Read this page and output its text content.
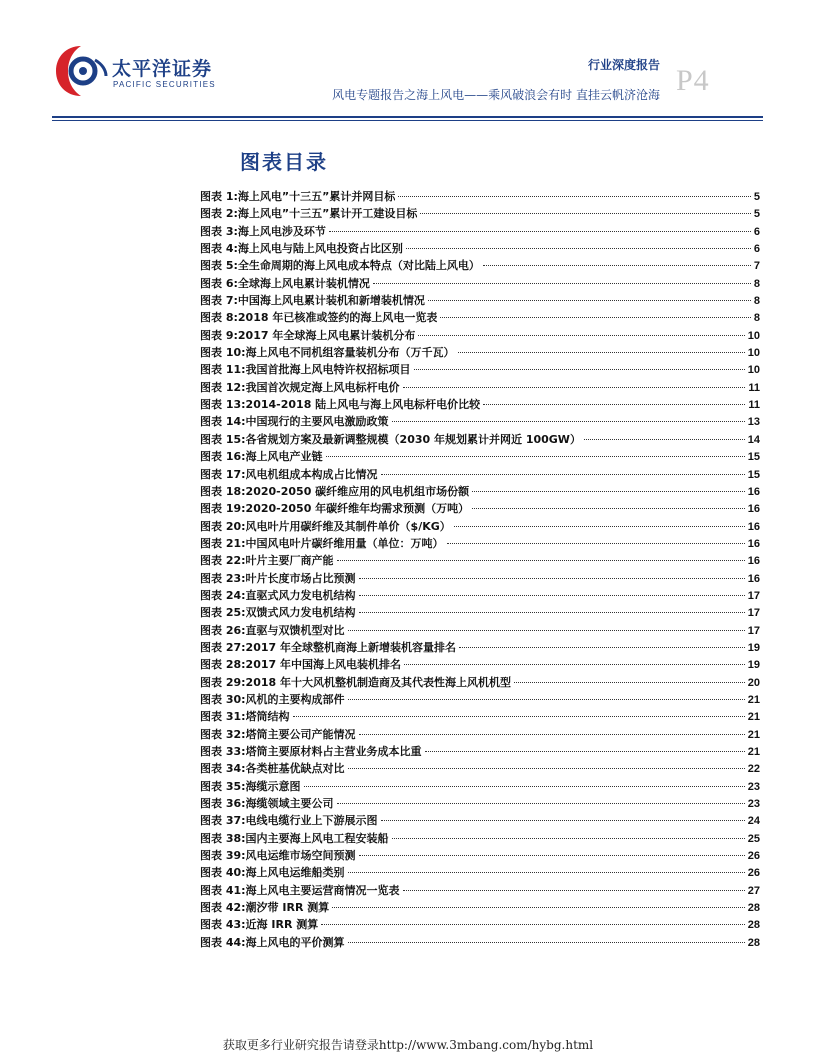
太平洋证券
PACIFIC SECURITIES
行业深度报告 P4
风电专题报告之海上风电——乘风破浪会有时 直挂云帆济沧海
图表目录
图表 1: 海上风电”十三五”累计并网目标	5
图表 2: 海上风电”十三五”累计开工建设目标	5
图表 3: 海上风电涉及环节	6
图表 4: 海上风电与陆上风电投资占比区别	6
图表 5: 全生命周期的海上风电成本特点（对比陆上风电）	7
图表 6: 全球海上风电累计装机情况	8
图表 7: 中国海上风电累计装机和新增装机情况	8
图表 8: 2018 年已核准或签约的海上风电一览表	8
图表 9: 2017 年全球海上风电累计装机分布	10
图表 10: 海上风电不同机组容量装机分布（万千瓦）	10
图表 11: 我国首批海上风电特许权招标项目	10
图表 12: 我国首次规定海上风电标杆电价	11
图表 13: 2014-2018 陆上风电与海上风电标杆电价比较	11
图表 14: 中国现行的主要风电激励政策	13
图表 15: 各省规划方案及最新调整规模（2030 年规划累计并网近 100GW）	14
图表 16: 海上风电产业链	15
图表 17: 风电机组成本构成占比情况	15
图表 18: 2020-2050 碳纤维应用的风电机组市场份额	16
图表 19: 2020-2050 年碳纤维年均需求预测（万吨）	16
图表 20: 风电叶片用碳纤维及其制件单价（$/KG）	16
图表 21: 中国风电叶片碳纤维用量（单位：万吨）	16
图表 22: 叶片主要厂商产能	16
图表 23: 叶片长度市场占比预测	16
图表 24: 直驱式风力发电机结构	17
图表 25: 双馈式风力发电机结构	17
图表 26: 直驱与双馈机型对比	17
图表 27: 2017 年全球整机商海上新增装机容量排名	19
图表 28: 2017 年中国海上风电装机排名	19
图表 29: 2018 年十大风机整机制造商及其代表性海上风机机型	20
图表 30: 风机的主要构成部件	21
图表 31: 塔筒结构	21
图表 32: 塔筒主要公司产能情况	21
图表 33: 塔筒主要原材料占主营业务成本比重	21
图表 34: 各类桩基优缺点对比	22
图表 35: 海缆示意图	23
图表 36: 海缆领域主要公司	23
图表 37: 电线电缆行业上下游展示图	24
图表 38: 国内主要海上风电工程安装船	25
图表 39: 风电运维市场空间预测	26
图表 40: 海上风电运维船类别	26
图表 41: 海上风电主要运营商情况一览表	27
图表 42: 潮汐带 IRR 测算	28
图表 43: 近海 IRR 测算	28
图表 44: 海上风电的平价测算	28
获取更多行业研究报告请登录http://www.3mbang.com/hybg.html
